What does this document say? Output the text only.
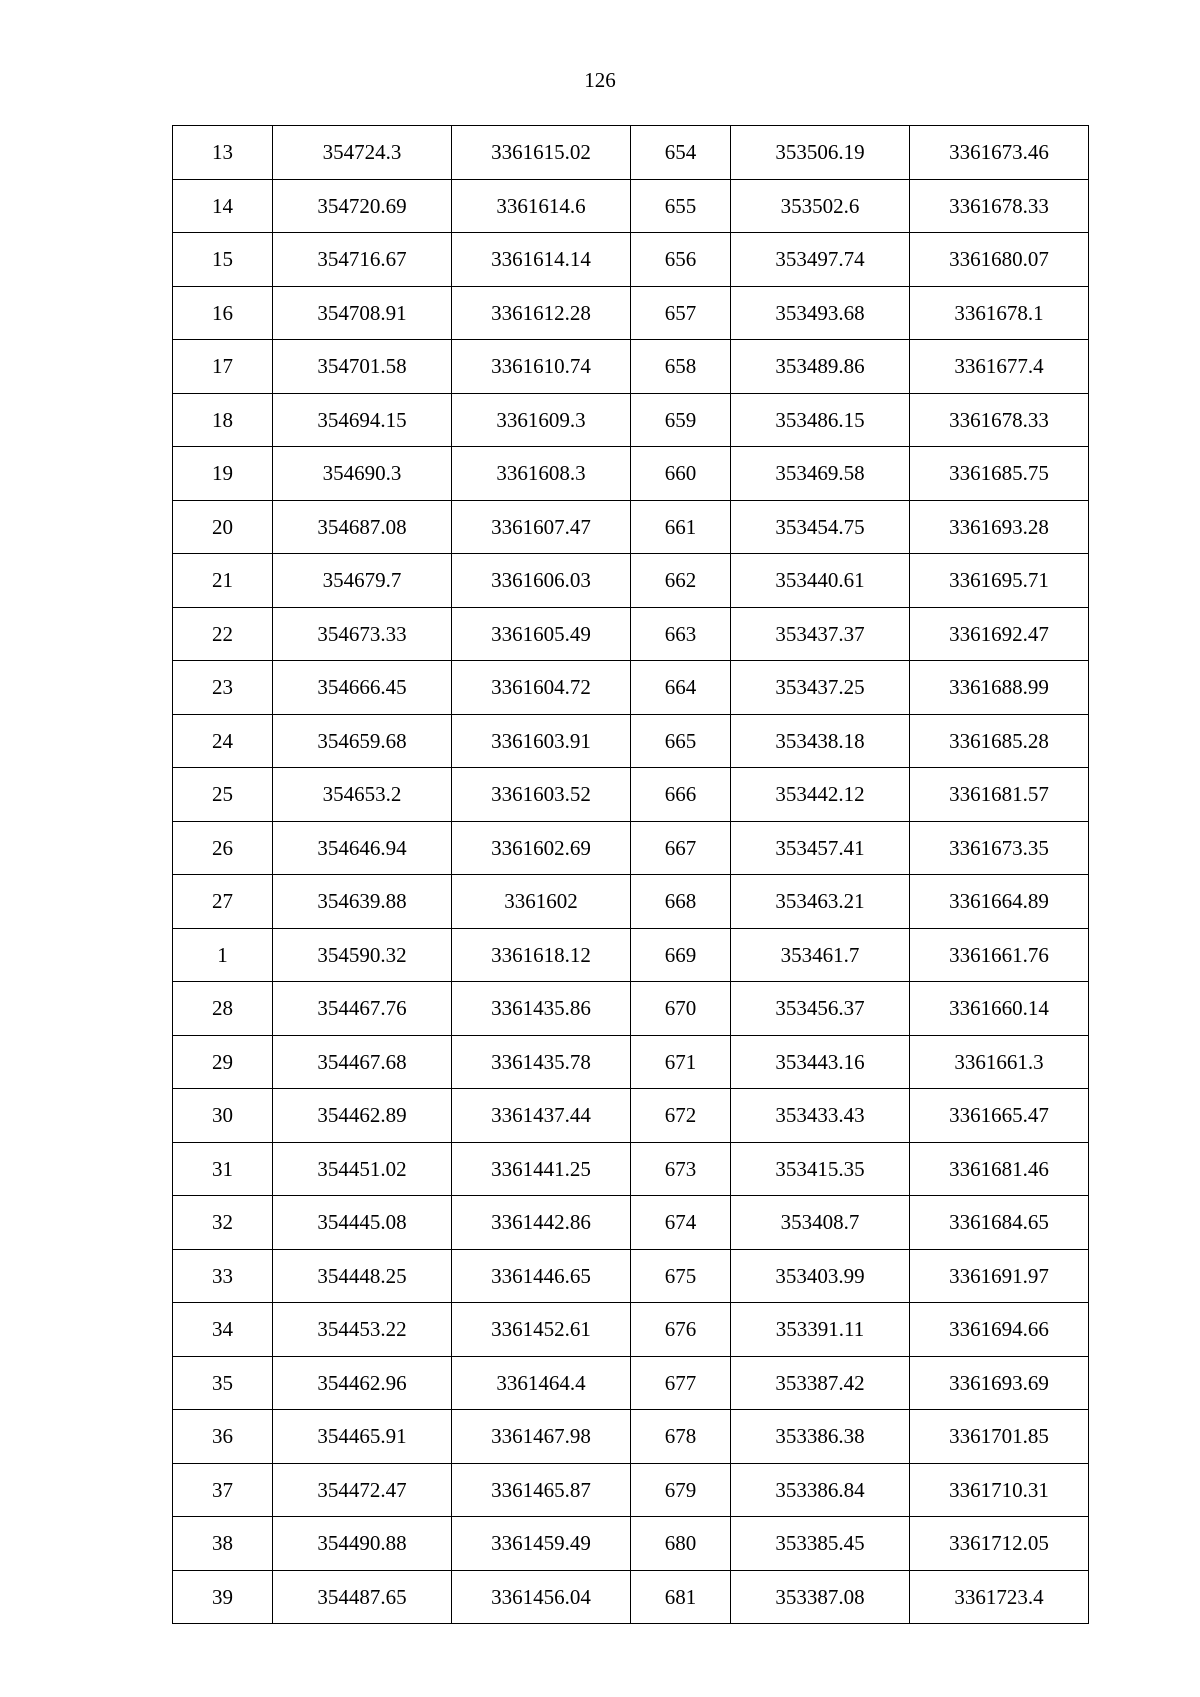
126
13	354724.3	3361615.02	654	353506.19	3361673.46
14	354720.69	3361614.6	655	353502.6	3361678.33
15	354716.67	3361614.14	656	353497.74	3361680.07
16	354708.91	3361612.28	657	353493.68	3361678.1
17	354701.58	3361610.74	658	353489.86	3361677.4
18	354694.15	3361609.3	659	353486.15	3361678.33
19	354690.3	3361608.3	660	353469.58	3361685.75
20	354687.08	3361607.47	661	353454.75	3361693.28
21	354679.7	3361606.03	662	353440.61	3361695.71
22	354673.33	3361605.49	663	353437.37	3361692.47
23	354666.45	3361604.72	664	353437.25	3361688.99
24	354659.68	3361603.91	665	353438.18	3361685.28
25	354653.2	3361603.52	666	353442.12	3361681.57
26	354646.94	3361602.69	667	353457.41	3361673.35
27	354639.88	3361602	668	353463.21	3361664.89
1	354590.32	3361618.12	669	353461.7	3361661.76
28	354467.76	3361435.86	670	353456.37	3361660.14
29	354467.68	3361435.78	671	353443.16	3361661.3
30	354462.89	3361437.44	672	353433.43	3361665.47
31	354451.02	3361441.25	673	353415.35	3361681.46
32	354445.08	3361442.86	674	353408.7	3361684.65
33	354448.25	3361446.65	675	353403.99	3361691.97
34	354453.22	3361452.61	676	353391.11	3361694.66
35	354462.96	3361464.4	677	353387.42	3361693.69
36	354465.91	3361467.98	678	353386.38	3361701.85
37	354472.47	3361465.87	679	353386.84	3361710.31
38	354490.88	3361459.49	680	353385.45	3361712.05
39	354487.65	3361456.04	681	353387.08	3361723.4
